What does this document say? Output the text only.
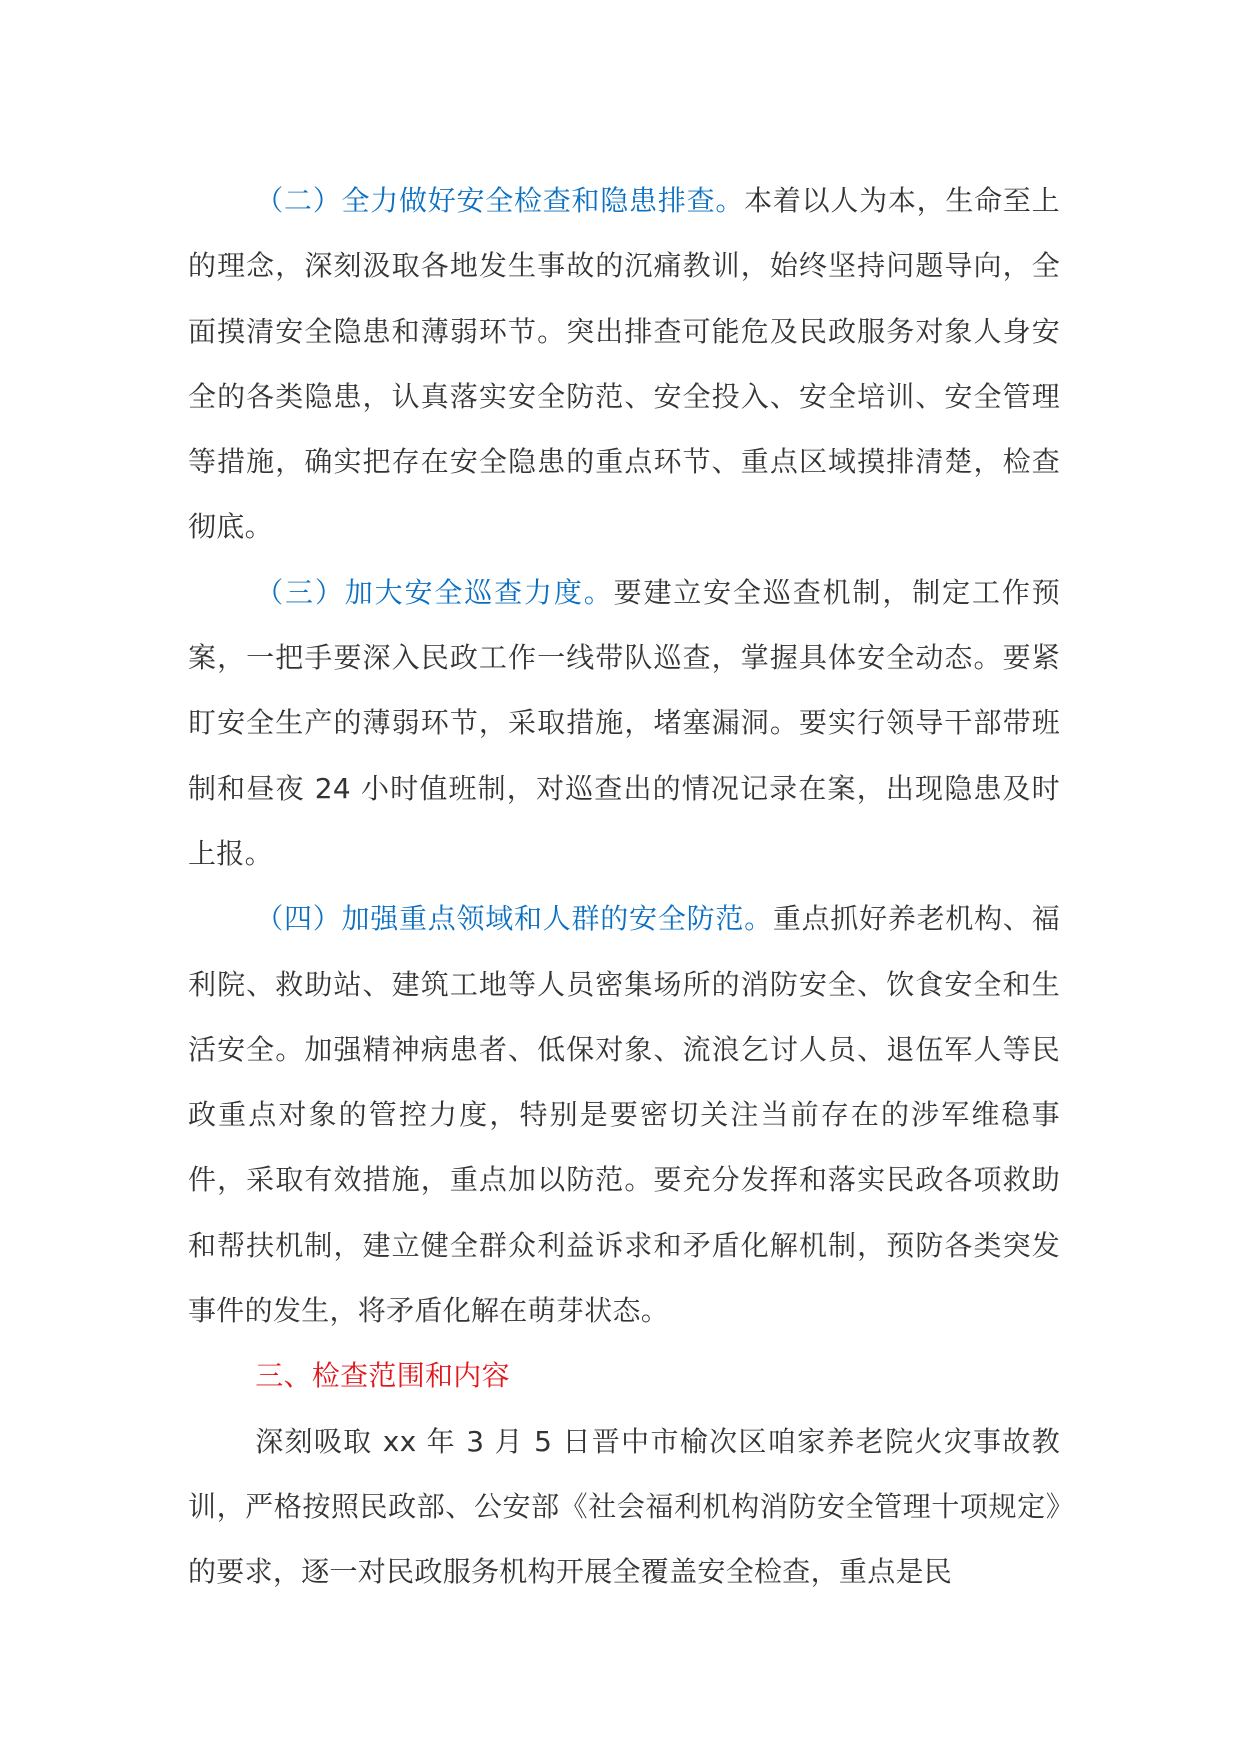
（二）全力做好安全检查和隐患排查。本着以人为本，生命至上的理念，深刻汲取各地发生事故的沉痛教训，始终坚持问题导向，全面摸清安全隐患和薄弱环节。突出排查可能危及民政服务对象人身安全的各类隐患，认真落实安全防范、安全投入、安全培训、安全管理等措施，确实把存在安全隐患的重点环节、重点区域摸排清楚，检查彻底。

（三）加大安全巡查力度。要建立安全巡查机制，制定工作预案，一把手要深入民政工作一线带队巡查，掌握具体安全动态。要紧盯安全生产的薄弱环节，采取措施，堵塞漏洞。要实行领导干部带班制和昼夜 24 小时值班制，对巡查出的情况记录在案，出现隐患及时上报。

（四）加强重点领域和人群的安全防范。重点抓好养老机构、福利院、救助站、建筑工地等人员密集场所的消防安全、饮食安全和生活安全。加强精神病患者、低保对象、流浪乞讨人员、退伍军人等民政重点对象的管控力度，特别是要密切关注当前存在的涉军维稳事件，采取有效措施，重点加以防范。要充分发挥和落实民政各项救助和帮扶机制，建立健全群众利益诉求和矛盾化解机制，预防各类突发事件的发生，将矛盾化解在萌芽状态。

三、检查范围和内容

深刻吸取 xx 年 3 月 5 日晋中市榆次区咱家养老院火灾事故教训，严格按照民政部、公安部《社会福利机构消防安全管理十项规定》的要求，逐一对民政服务机构开展全覆盖安全检查，重点是民
